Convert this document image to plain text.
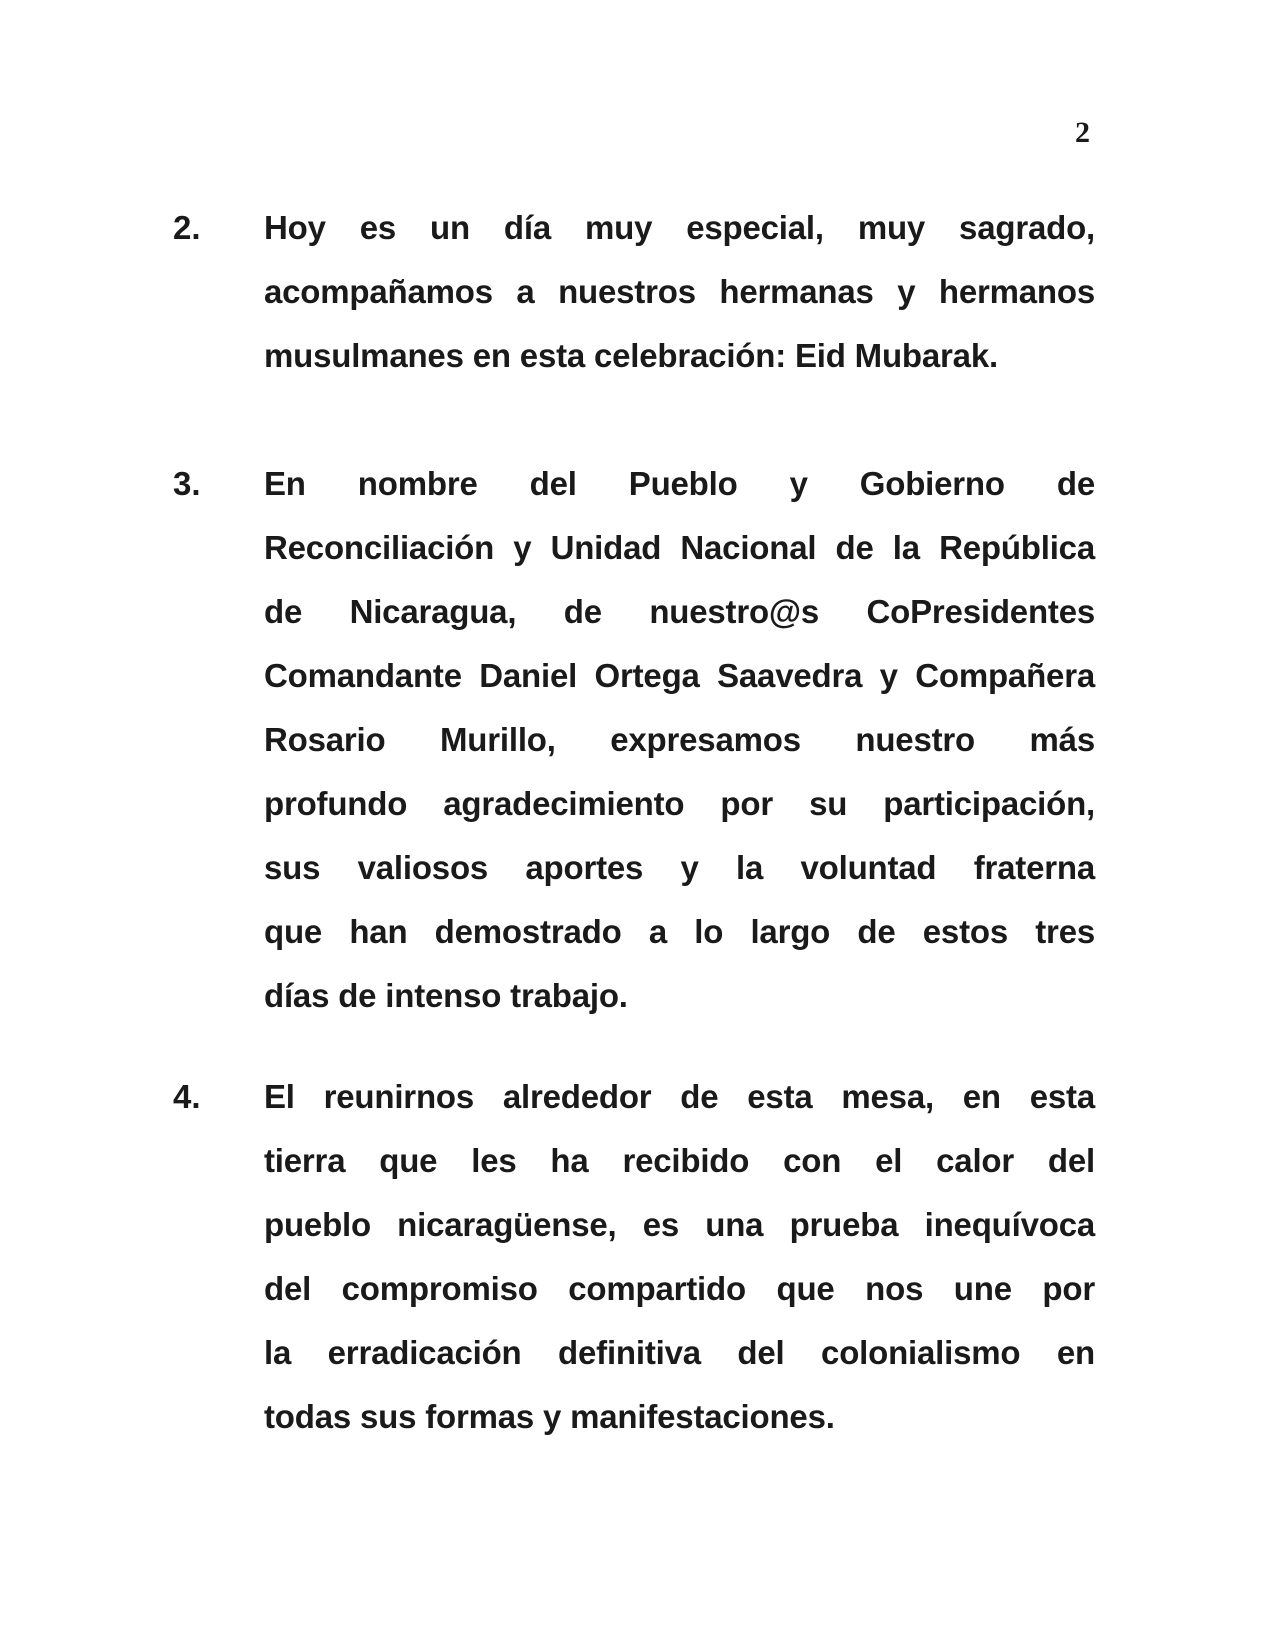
2
2. Hoy es un día muy especial, muy sagrado,
acompañamos a nuestros hermanas y hermanos
musulmanes en esta celebración: Eid Mubarak.
3. En nombre del Pueblo y Gobierno de
Reconciliación y Unidad Nacional de la República
de Nicaragua, de nuestro@s CoPresidentes
Comandante Daniel Ortega Saavedra y Compañera
Rosario Murillo, expresamos nuestro más
profundo agradecimiento por su participación,
sus valiosos aportes y la voluntad fraterna
que han demostrado a lo largo de estos tres
días de intenso trabajo.
4. El reunirnos alrededor de esta mesa, en esta
tierra que les ha recibido con el calor del
pueblo nicaragüense, es una prueba inequívoca
del compromiso compartido que nos une por
la erradicación definitiva del colonialismo en
todas sus formas y manifestaciones.
